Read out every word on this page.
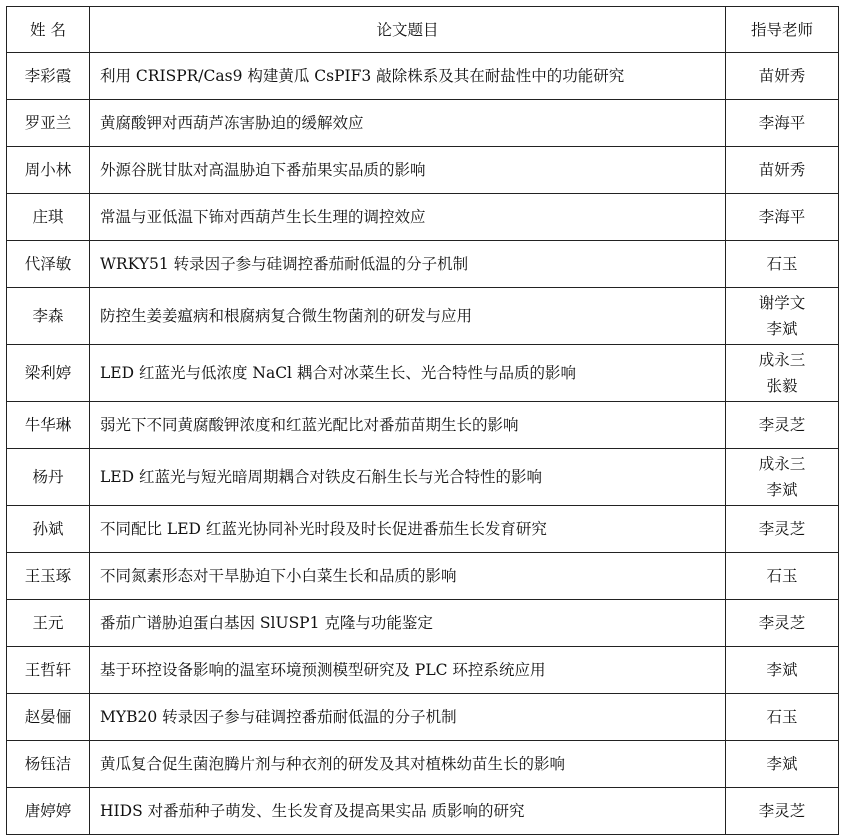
姓 名	论文题目	指导老师
李彩霞	利用 CRISPR/Cas9 构建黄瓜 CsPIF3 敲除株系及其在耐盐性中的功能研究	苗妍秀

罗亚兰	黄腐酸钾对西葫芦冻害胁迫的缓解效应	李海平

周小林	外源谷胱甘肽对高温胁迫下番茄果实品质的影响	苗妍秀

庄琪	常温与亚低温下钸对西葫芦生长生理的调控效应	李海平

代泽敏	WRKY51 转录因子参与硅调控番茄耐低温的分子机制	石玉

李森	防控生姜姜瘟病和根腐病复合微生物菌剂的研发与应用	谢学文
李斌

梁利婷	LED 红蓝光与低浓度 NaCl 耦合对冰菜生长、光合特性与品质的影响	成永三
张毅

牛华琳	弱光下不同黄腐酸钾浓度和红蓝光配比对番茄苗期生长的影响	李灵芝

杨丹	LED 红蓝光与短光暗周期耦合对铁皮石斛生长与光合特性的影响	成永三
李斌

孙斌	不同配比 LED 红蓝光协同补光时段及时长促进番茄生长发育研究	李灵芝

王玉琢	不同氮素形态对干旱胁迫下小白菜生长和品质的影响	石玉

王元	番茄广谱胁迫蛋白基因 SlUSP1 克隆与功能鉴定	李灵芝

王哲轩	基于环控设备影响的温室环境预测模型研究及 PLC 环控系统应用	李斌

赵晏俪	MYB20 转录因子参与硅调控番茄耐低温的分子机制	石玉

杨钰洁	黄瓜复合促生菌泡腾片剂与种衣剂的研发及其对植株幼苗生长的影响	李斌

唐婷婷	HIDS 对番茄种子萌发、生长发育及提高果实品 质影响的研究	李灵芝
